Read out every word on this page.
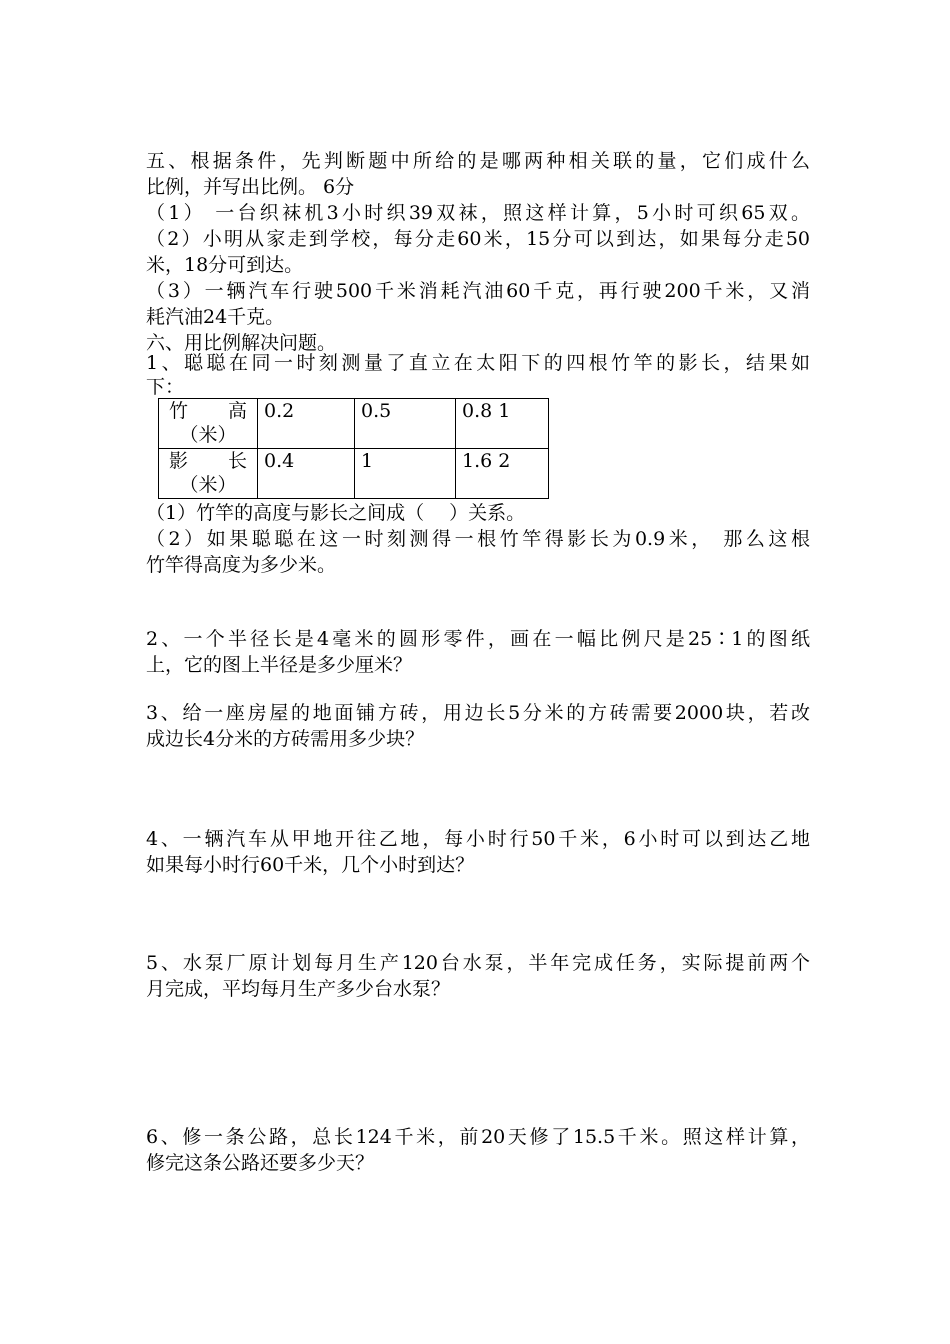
五、根据条件，先判断题中所给的是哪两种相关联的量，它们成什么
比例，并写出比例。 6分
（1） 一台织袜机3小时织39双袜，照这样计算，5小时可织65双。
（2）小明从家走到学校，每分走60米，15分可以到达，如果每分走50
米，18分可到达。
（3）一辆汽车行驶500千米消耗汽油60千克，再行驶200千米，又消
耗汽油24千克。
六、用比例解决问题。
1、聪聪在同一时刻测量了直立在太阳下的四根竹竿的影长，结果如
下：
竹 高
（米）	0.2	0.5	0.8 1

影 长
（米）	0.4	1	1.6 2
（1）竹竿的高度与影长之间成（　 ）关系。
（2）如果聪聪在这一时刻测得一根竹竿得影长为0.9米， 那么这根
竹竿得高度为多少米。
2、一个半径长是4毫米的圆形零件，画在一幅比例尺是25∶1的图纸
上，它的图上半径是多少厘米？
3、给一座房屋的地面铺方砖，用边长5分米的方砖需要2000块，若改
成边长4分米的方砖需用多少块？
4、一辆汽车从甲地开往乙地，每小时行50千米，6小时可以到达乙地
如果每小时行60千米，几个小时到达？
5、水泵厂原计划每月生产120台水泵，半年完成任务，实际提前两个
月完成，平均每月生产多少台水泵？
6、修一条公路，总长124千米，前20天修了15.5千米。照这样计算，
修完这条公路还要多少天？
